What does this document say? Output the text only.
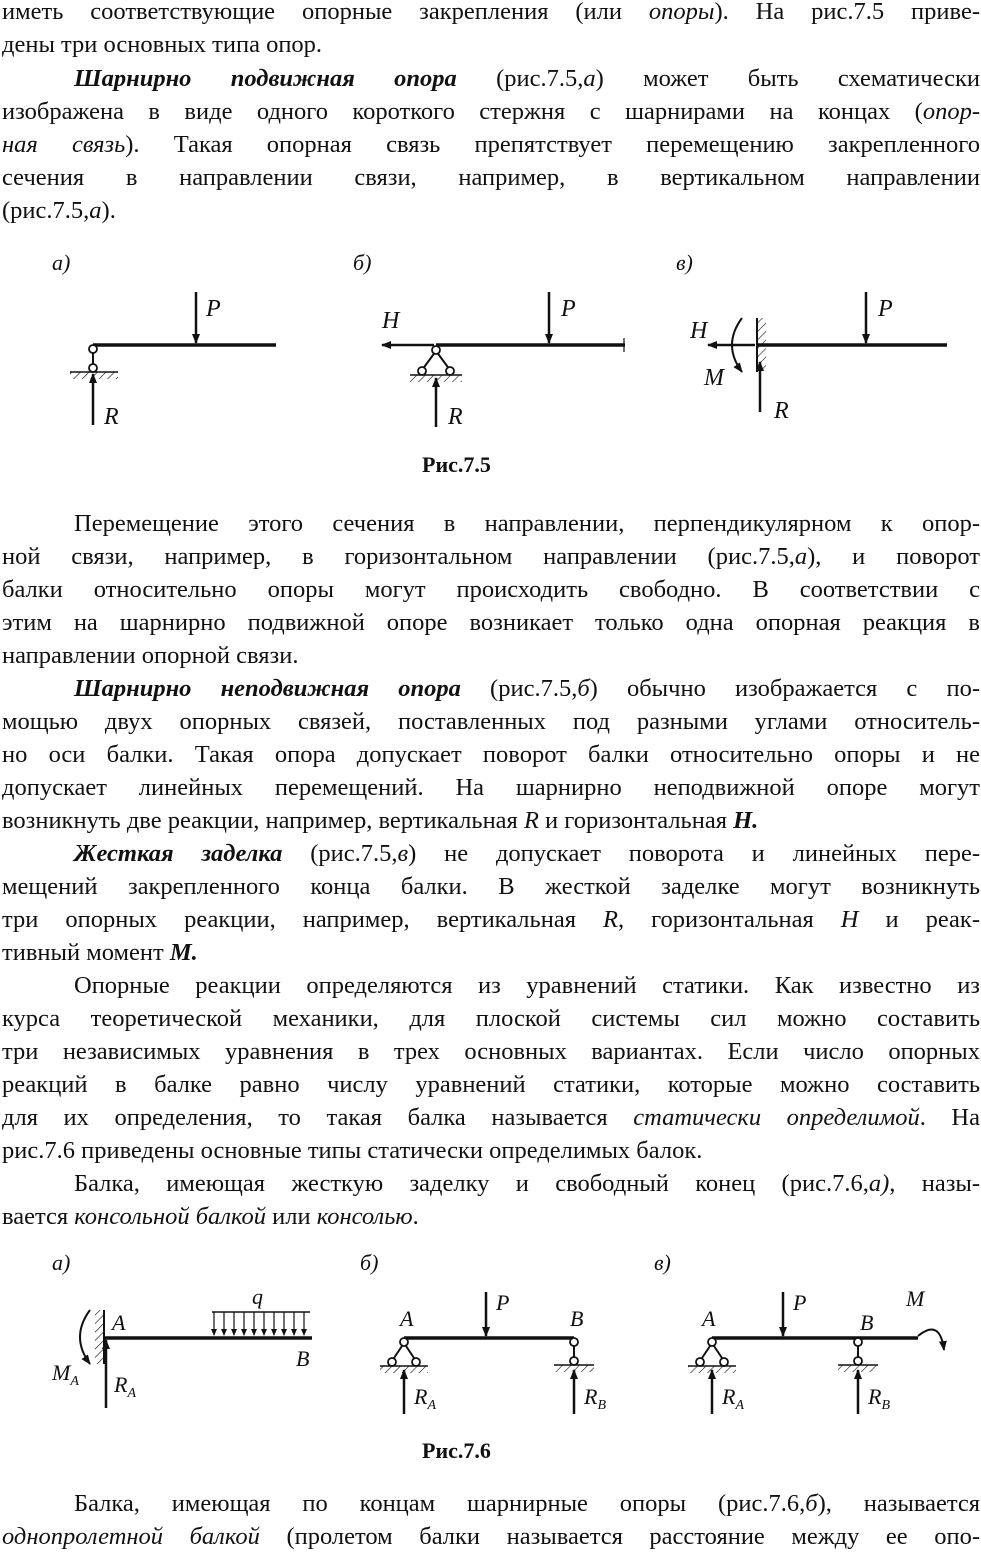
иметь соответствующие опорные закрепления (или опоры). На рис.7.5 приве-
дены три основных типа опор.
Шарнирно подвижная опора (рис.7.5,а) может быть схематически
изображена в виде одного короткого стержня с шарнирами на концах (опор-
ная связь). Такая опорная связь препятствует перемещению закрепленного
сечения в направлении связи, например, в вертикальном направлении
(рис.7.5,а).
а)
P
R
б)
H	P
R
в)
H
M
R
P
Рис.7.5
Перемещение этого сечения в направлении, перпендикулярном к опор-
ной связи, например, в горизонтальном направлении (рис.7.5,а), и поворот
балки относительно опоры могут происходить свободно. В соответствии с
этим на шарнирно подвижной опоре возникает только одна опорная реакция в
направлении опорной связи.
Шарнирно неподвижная опора (рис.7.5,б) обычно изображается с по-
мощью двух опорных связей, поставленных под разными углами относитель-
но оси балки. Такая опора допускает поворот балки относительно опоры и не
допускает линейных перемещений. На шарнирно неподвижной опоре могут
возникнуть две реакции, например, вертикальная R и горизонтальная H.
Жесткая заделка (рис.7.5,в) не допускает поворота и линейных пере-
мещений закрепленного конца балки. В жесткой заделке могут возникнуть
три опорных реакции, например, вертикальная R, горизонтальная H и реак-
тивный момент M.
Опорные реакции определяются из уравнений статики. Как известно из
курса теоретической механики, для плоской системы сил можно составить
три независимых уравнения в трех основных вариантах. Если число опорных
реакций в балке равно числу уравнений статики, которые можно составить
для их определения, то такая балка называется статически определимой. На
рис.7.6 приведены основные типы статически определимых балок.
Балка, имеющая жесткую заделку и свободный конец (рис.7.6,а), назы-
вается консольной балкой или консолью.
а)
A
$M_A$ $R_A$
q
B
б)
A	B
P
$R_A$	$R_B$
в)
A	B
P	M
$R_A$	$R_B$
Рис.7.6
Балка, имеющая по концам шарнирные опоры (рис.7.6,б), называется
однопролетной балкой (пролетом балки называется расстояние между ее опо-
